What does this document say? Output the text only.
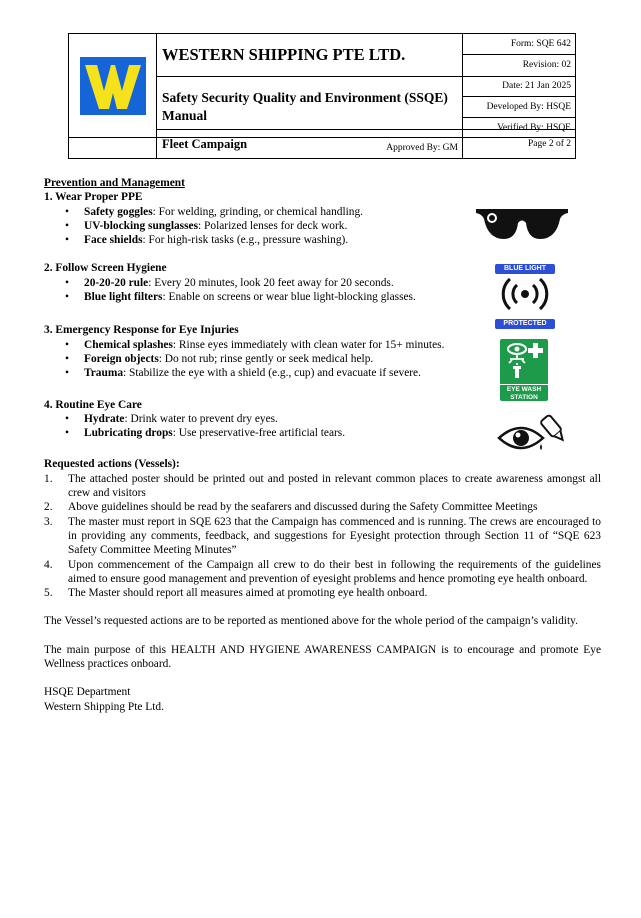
	WESTERN SHIPPING PTE LTD.	Form: SQE 642
		Revision: 02
	Safety Security Quality and Environment (SSQE) Manual	Date: 21 Jan 2025
		Developed By: HSQE
		Verified By: HSQE
	Approved By: GM	
	Fleet Campaign	Page 2 of 2

Prevention and Management

1. Wear Proper PPE

• Safety goggles: For welding, grinding, or chemical handling.
• UV-blocking sunglasses: Polarized lenses for deck work.
• Face shields: For high-risk tasks (e.g., pressure washing).

2. Follow Screen Hygiene

• 20-20-20 rule: Every 20 minutes, look 20 feet away for 20 seconds.
• Blue light filters: Enable on screens or wear blue light-blocking glasses.

3. Emergency Response for Eye Injuries

• Chemical splashes: Rinse eyes immediately with clean water for 15+ minutes.
• Foreign objects: Do not rub; rinse gently or seek medical help.
• Trauma: Stabilize the eye with a shield (e.g., cup) and evacuate if severe.

4. Routine Eye Care

• Hydrate: Drink water to prevent dry eyes.
• Lubricating drops: Use preservative-free artificial tears.

Requested actions (Vessels):

1. The attached poster should be printed out and posted in relevant common places to create awareness amongst all crew and visitors
2. Above guidelines should be read by the seafarers and discussed during the Safety Committee Meetings
3. The master must report in SQE 623 that the Campaign has commenced and is running. The crews are encouraged to in providing any comments, feedback, and suggestions for Eyesight protection through Section 11 of “SQE 623 Safety Committee Meeting Minutes”
4. Upon commencement of the Campaign all crew to do their best in following the requirements of the guidelines aimed to ensure good management and prevention of eyesight problems and hence promoting eye health onboard.
5. The Master should report all measures aimed at promoting eye health onboard.

The Vessel’s requested actions are to be reported as mentioned above for the whole period of the campaign’s validity.

The main purpose of this HEALTH AND HYGIENE AWARENESS CAMPAIGN is to encourage and promote Eye Wellness practices onboard.

HSQE Department

Western Shipping Pte Ltd.

BLUE LIGHT
PROTECTED
EYE WASH
STATION
